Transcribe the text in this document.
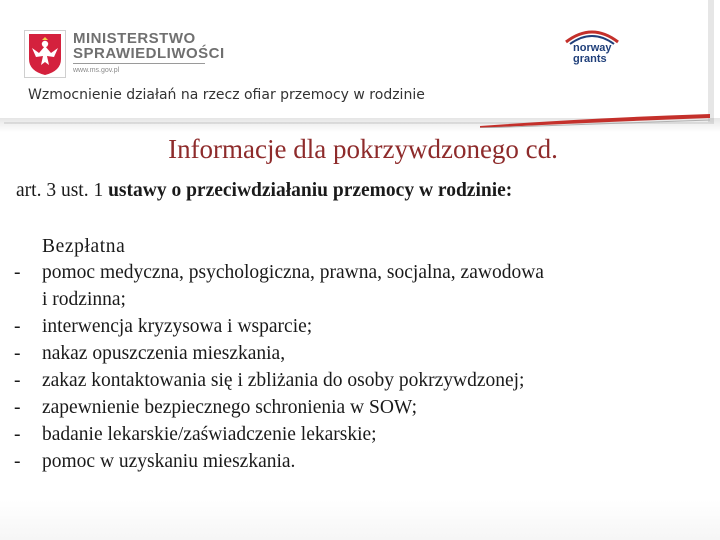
MINISTERSTWO
SPRAWIEDLIWOŚCI
www.ms.gov.pl
norway
grants
Wzmocnienie działań na rzecz ofiar przemocy w rodzinie
Informacje dla pokrzywdzonego cd.
art. 3 ust. 1 ustawy o przeciwdziałaniu przemocy w rodzinie:
Bezpłatna
- pomoc medyczna, psychologiczna, prawna, socjalna, zawodowa
i rodzinna;
- interwencja kryzysowa i wsparcie;
- nakaz opuszczenia mieszkania,
- zakaz kontaktowania się i zbliżania do osoby pokrzywdzonej;
- zapewnienie bezpiecznego schronienia w SOW;
- badanie lekarskie/zaświadczenie lekarskie;
- pomoc w uzyskaniu mieszkania.
